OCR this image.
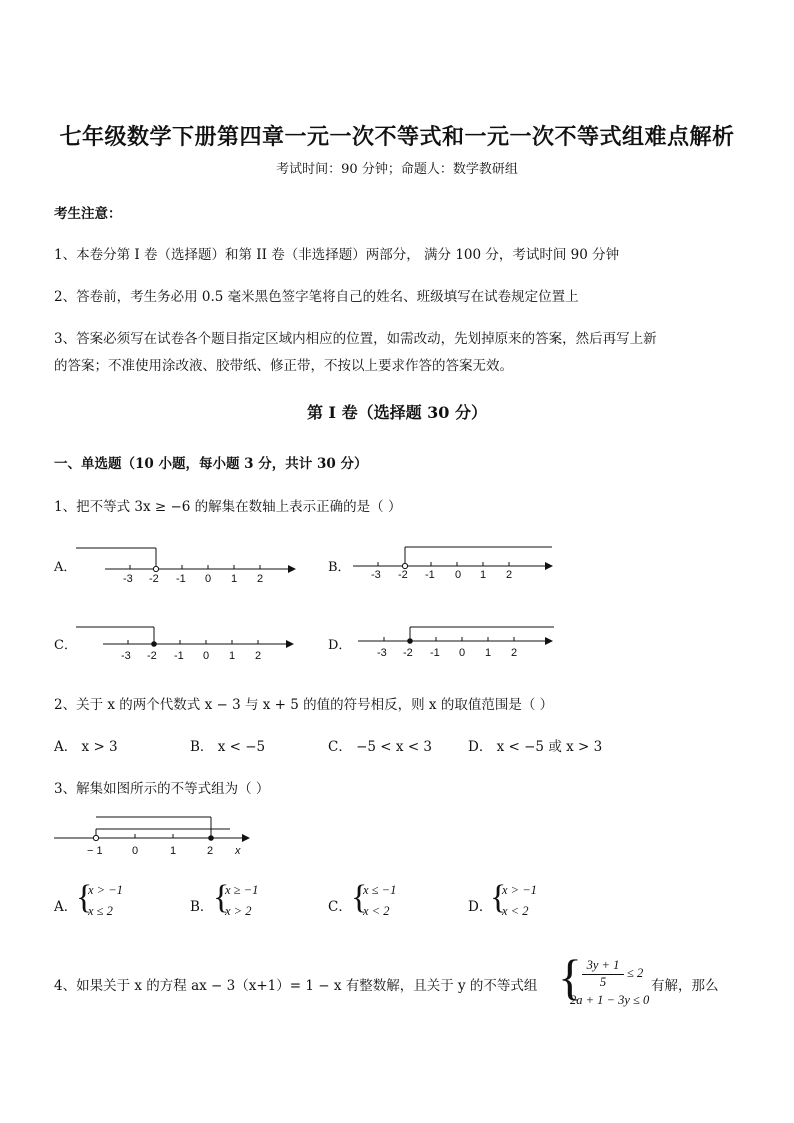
七年级数学下册第四章一元一次不等式和一元一次不等式组难点解析
考试时间：90 分钟；命题人：数学教研组
考生注意：
1、本卷分第 I 卷（选择题）和第 II 卷（非选择题）两部分， 满分 100 分，考试时间 90 分钟
2、答卷前，考生务必用 0.5 毫米黑色签字笔将自己的姓名、班级填写在试卷规定位置上
3、答案必须写在试卷各个题目指定区域内相应的位置，如需改动，先划掉原来的答案，然后再写上新
的答案；不准使用涂改液、胶带纸、修正带，不按以上要求作答的答案无效。
第 I 卷（选择题 30 分）
一、单选题（10 小题，每小题 3 分，共计 30 分）
1、把不等式 3x ≥ −6 的解集在数轴上表示正确的是（ ）
A．
-3 -2 -1 0 1 2
B． -3 -2 -1 0 1 2
C．
-3 -2 -1 0 1 2
D． -3 -2 -1 0 1 2
2、关于 x 的两个代数式 x − 3 与 x + 5 的值的符号相反，则 x 的取值范围是（ ）
A． x > 3	B． x < −5	C． −5 < x < 3	D． x < −5 或 x > 3
3、解集如图所示的不等式组为（ ）
− 1	0	1	2 x
A．
{
x > −1
x ≤ 2	B． {
x ≥ −1
x > 2	C． {
x ≤ −1
x < 2	D．
{
x > −1
x < 2
4、如果关于 x 的方程 ax − 3（x+1）= 1 − x 有整数解，且关于 y 的不等式组 { 3y + 1
5
≤ 2
2a + 1 − 3y ≤ 0
有解，那么
